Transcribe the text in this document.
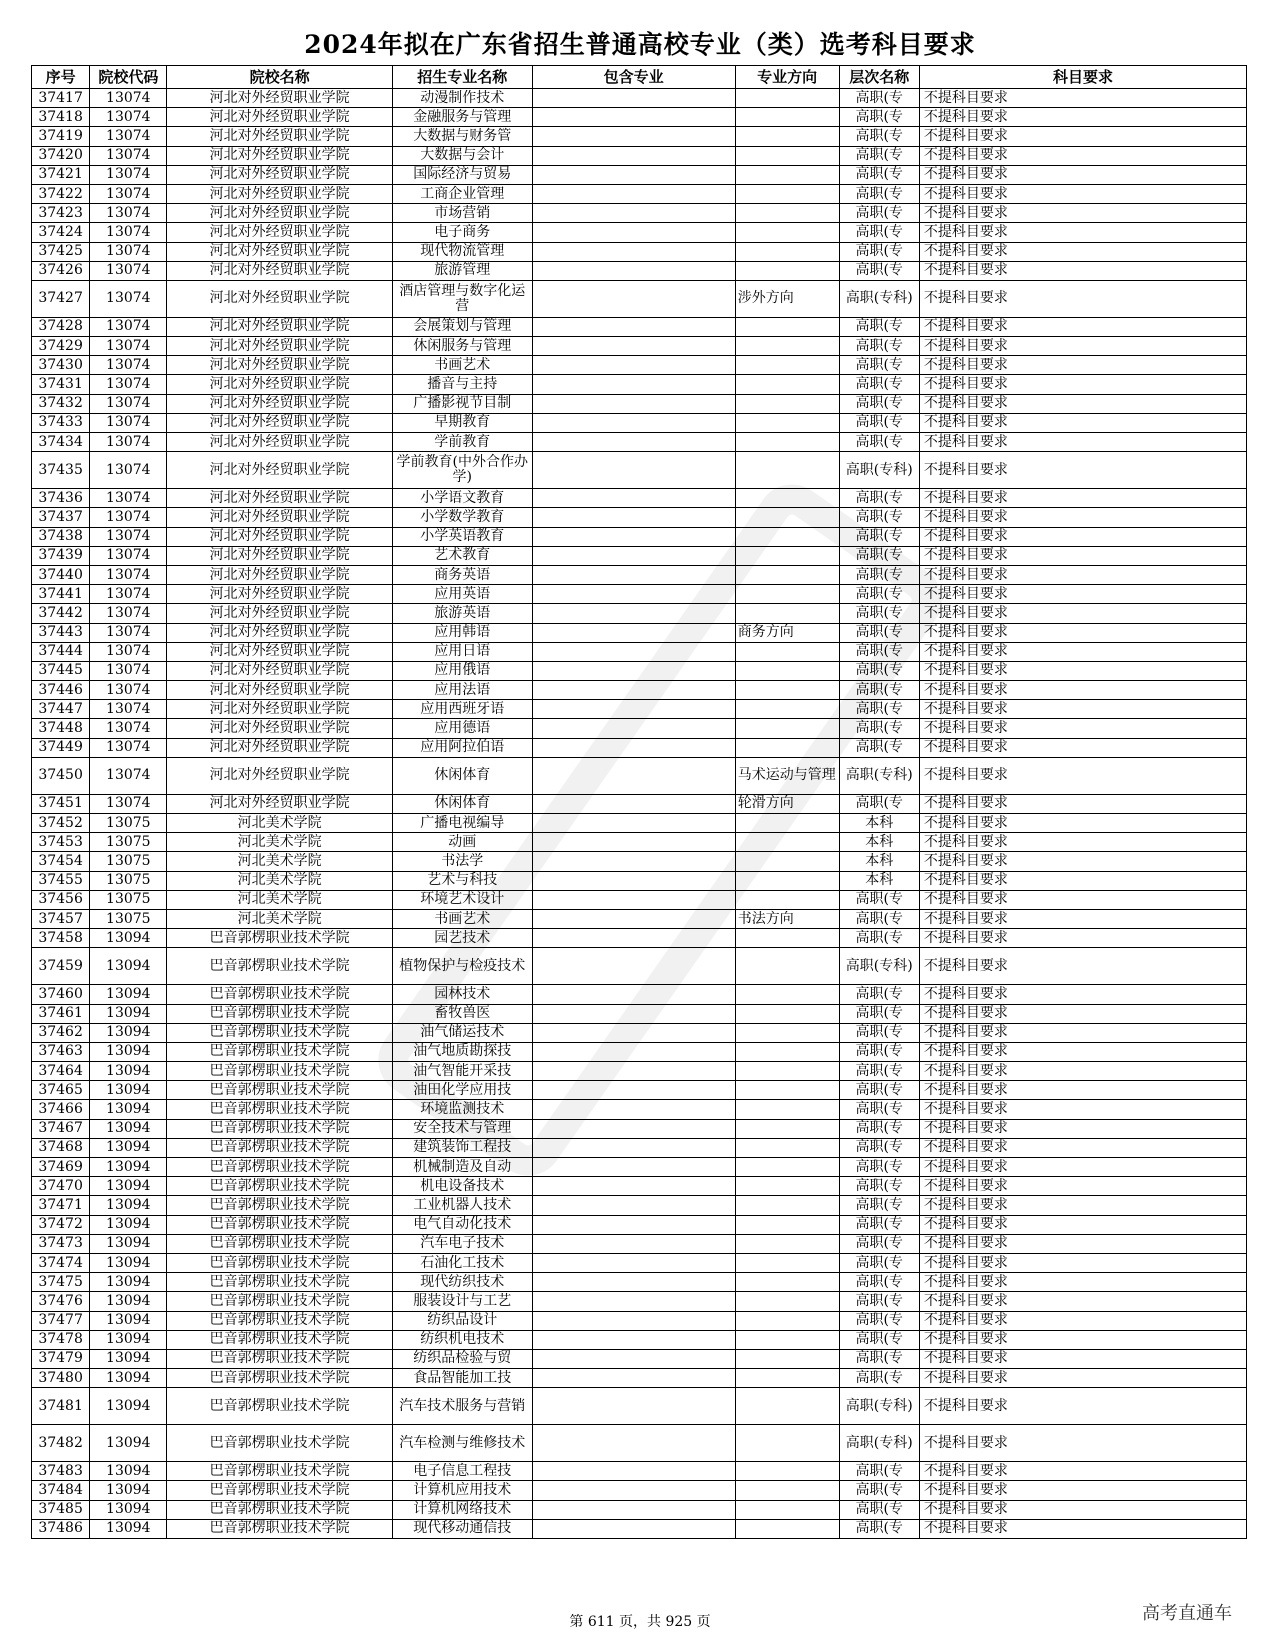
2024年拟在广东省招生普通高校专业（类）选考科目要求
序号	院校代码	院校名称	招生专业名称	包含专业	专业方向	层次名称	科目要求
37417	13074	河北对外经贸职业学院	动漫制作技术			高职(专	不提科目要求
37418	13074	河北对外经贸职业学院	金融服务与管理			高职(专	不提科目要求
37419	13074	河北对外经贸职业学院	大数据与财务管			高职(专	不提科目要求
37420	13074	河北对外经贸职业学院	大数据与会计			高职(专	不提科目要求
37421	13074	河北对外经贸职业学院	国际经济与贸易			高职(专	不提科目要求
37422	13074	河北对外经贸职业学院	工商企业管理			高职(专	不提科目要求
37423	13074	河北对外经贸职业学院	市场营销			高职(专	不提科目要求
37424	13074	河北对外经贸职业学院	电子商务			高职(专	不提科目要求
37425	13074	河北对外经贸职业学院	现代物流管理			高职(专	不提科目要求
37426	13074	河北对外经贸职业学院	旅游管理			高职(专	不提科目要求
37427	13074	河北对外经贸职业学院	酒店管理与数字化运营		涉外方向	高职(专科)	不提科目要求
37428	13074	河北对外经贸职业学院	会展策划与管理			高职(专	不提科目要求
37429	13074	河北对外经贸职业学院	休闲服务与管理			高职(专	不提科目要求
37430	13074	河北对外经贸职业学院	书画艺术			高职(专	不提科目要求
37431	13074	河北对外经贸职业学院	播音与主持			高职(专	不提科目要求
37432	13074	河北对外经贸职业学院	广播影视节目制			高职(专	不提科目要求
37433	13074	河北对外经贸职业学院	早期教育			高职(专	不提科目要求
37434	13074	河北对外经贸职业学院	学前教育			高职(专	不提科目要求
37435	13074	河北对外经贸职业学院	学前教育(中外合作办学)			高职(专科)	不提科目要求
37436	13074	河北对外经贸职业学院	小学语文教育			高职(专	不提科目要求
37437	13074	河北对外经贸职业学院	小学数学教育			高职(专	不提科目要求
37438	13074	河北对外经贸职业学院	小学英语教育			高职(专	不提科目要求
37439	13074	河北对外经贸职业学院	艺术教育			高职(专	不提科目要求
37440	13074	河北对外经贸职业学院	商务英语			高职(专	不提科目要求
37441	13074	河北对外经贸职业学院	应用英语			高职(专	不提科目要求
37442	13074	河北对外经贸职业学院	旅游英语			高职(专	不提科目要求
37443	13074	河北对外经贸职业学院	应用韩语		商务方向	高职(专	不提科目要求
37444	13074	河北对外经贸职业学院	应用日语			高职(专	不提科目要求
37445	13074	河北对外经贸职业学院	应用俄语			高职(专	不提科目要求
37446	13074	河北对外经贸职业学院	应用法语			高职(专	不提科目要求
37447	13074	河北对外经贸职业学院	应用西班牙语			高职(专	不提科目要求
37448	13074	河北对外经贸职业学院	应用德语			高职(专	不提科目要求
37449	13074	河北对外经贸职业学院	应用阿拉伯语			高职(专	不提科目要求
37450	13074	河北对外经贸职业学院	休闲体育		马术运动与管理	高职(专科)	不提科目要求
37451	13074	河北对外经贸职业学院	休闲体育		轮滑方向	高职(专	不提科目要求
37452	13075	河北美术学院	广播电视编导			本科	不提科目要求
37453	13075	河北美术学院	动画			本科	不提科目要求
37454	13075	河北美术学院	书法学			本科	不提科目要求
37455	13075	河北美术学院	艺术与科技			本科	不提科目要求
37456	13075	河北美术学院	环境艺术设计			高职(专	不提科目要求
37457	13075	河北美术学院	书画艺术		书法方向	高职(专	不提科目要求
37458	13094	巴音郭楞职业技术学院	园艺技术			高职(专	不提科目要求
37459	13094	巴音郭楞职业技术学院	植物保护与检疫技术			高职(专科)	不提科目要求
37460	13094	巴音郭楞职业技术学院	园林技术			高职(专	不提科目要求
37461	13094	巴音郭楞职业技术学院	畜牧兽医			高职(专	不提科目要求
37462	13094	巴音郭楞职业技术学院	油气储运技术			高职(专	不提科目要求
37463	13094	巴音郭楞职业技术学院	油气地质勘探技			高职(专	不提科目要求
37464	13094	巴音郭楞职业技术学院	油气智能开采技			高职(专	不提科目要求
37465	13094	巴音郭楞职业技术学院	油田化学应用技			高职(专	不提科目要求
37466	13094	巴音郭楞职业技术学院	环境监测技术			高职(专	不提科目要求
37467	13094	巴音郭楞职业技术学院	安全技术与管理			高职(专	不提科目要求
37468	13094	巴音郭楞职业技术学院	建筑装饰工程技			高职(专	不提科目要求
37469	13094	巴音郭楞职业技术学院	机械制造及自动			高职(专	不提科目要求
37470	13094	巴音郭楞职业技术学院	机电设备技术			高职(专	不提科目要求
37471	13094	巴音郭楞职业技术学院	工业机器人技术			高职(专	不提科目要求
37472	13094	巴音郭楞职业技术学院	电气自动化技术			高职(专	不提科目要求
37473	13094	巴音郭楞职业技术学院	汽车电子技术			高职(专	不提科目要求
37474	13094	巴音郭楞职业技术学院	石油化工技术			高职(专	不提科目要求
37475	13094	巴音郭楞职业技术学院	现代纺织技术			高职(专	不提科目要求
37476	13094	巴音郭楞职业技术学院	服装设计与工艺			高职(专	不提科目要求
37477	13094	巴音郭楞职业技术学院	纺织品设计			高职(专	不提科目要求
37478	13094	巴音郭楞职业技术学院	纺织机电技术			高职(专	不提科目要求
37479	13094	巴音郭楞职业技术学院	纺织品检验与贸			高职(专	不提科目要求
37480	13094	巴音郭楞职业技术学院	食品智能加工技			高职(专	不提科目要求
37481	13094	巴音郭楞职业技术学院	汽车技术服务与营销			高职(专科)	不提科目要求
37482	13094	巴音郭楞职业技术学院	汽车检测与维修技术			高职(专科)	不提科目要求
37483	13094	巴音郭楞职业技术学院	电子信息工程技			高职(专	不提科目要求
37484	13094	巴音郭楞职业技术学院	计算机应用技术			高职(专	不提科目要求
37485	13094	巴音郭楞职业技术学院	计算机网络技术			高职(专	不提科目要求
37486	13094	巴音郭楞职业技术学院	现代移动通信技			高职(专	不提科目要求
第 611 页，共 925 页	高考直通车
